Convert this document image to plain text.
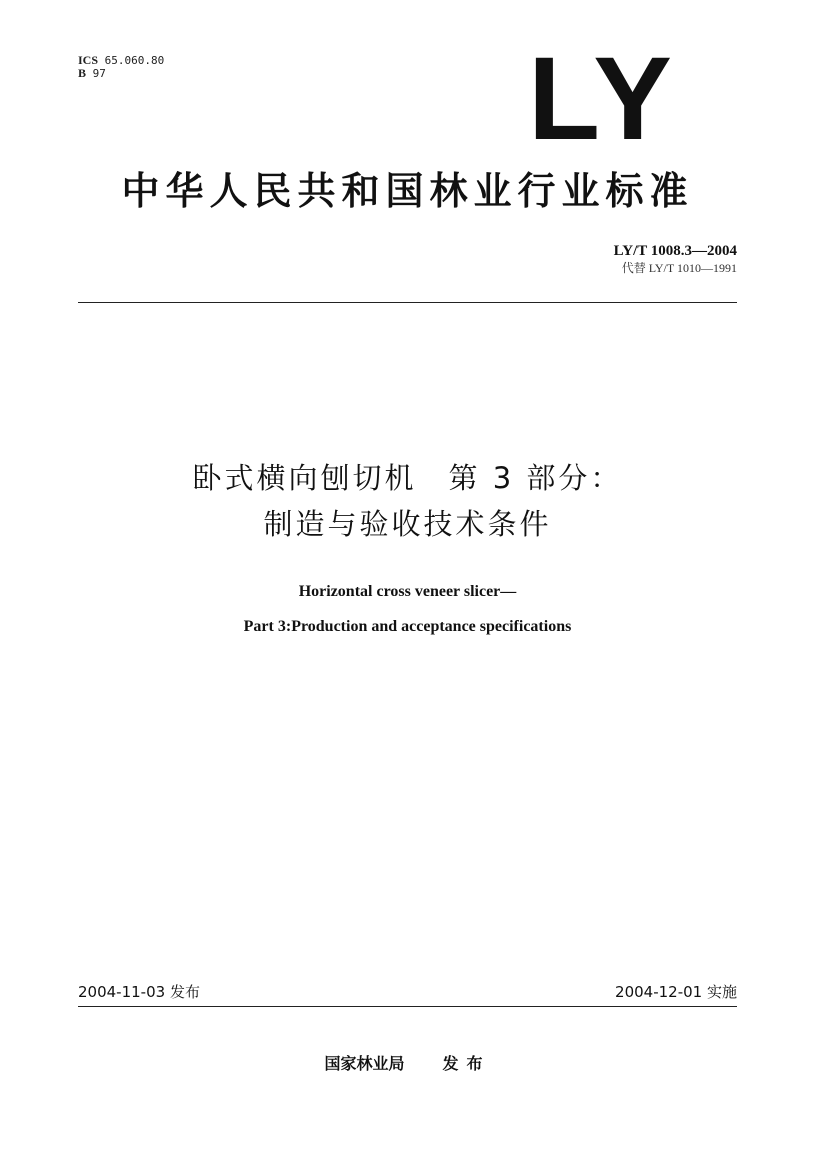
ICS 65.060.80
B 97	LY
中华人民共和国林业行业标准
LY/T 1008.3—2004
代替 LY/T 1010—1991
卧式横向刨切机　第 3 部分：
制造与验收技术条件
Horizontal cross veneer slicer—
Part 3:Production and acceptance specifications
2004-11-03 发布	2004-12-01 实施
国家林业局 发布
